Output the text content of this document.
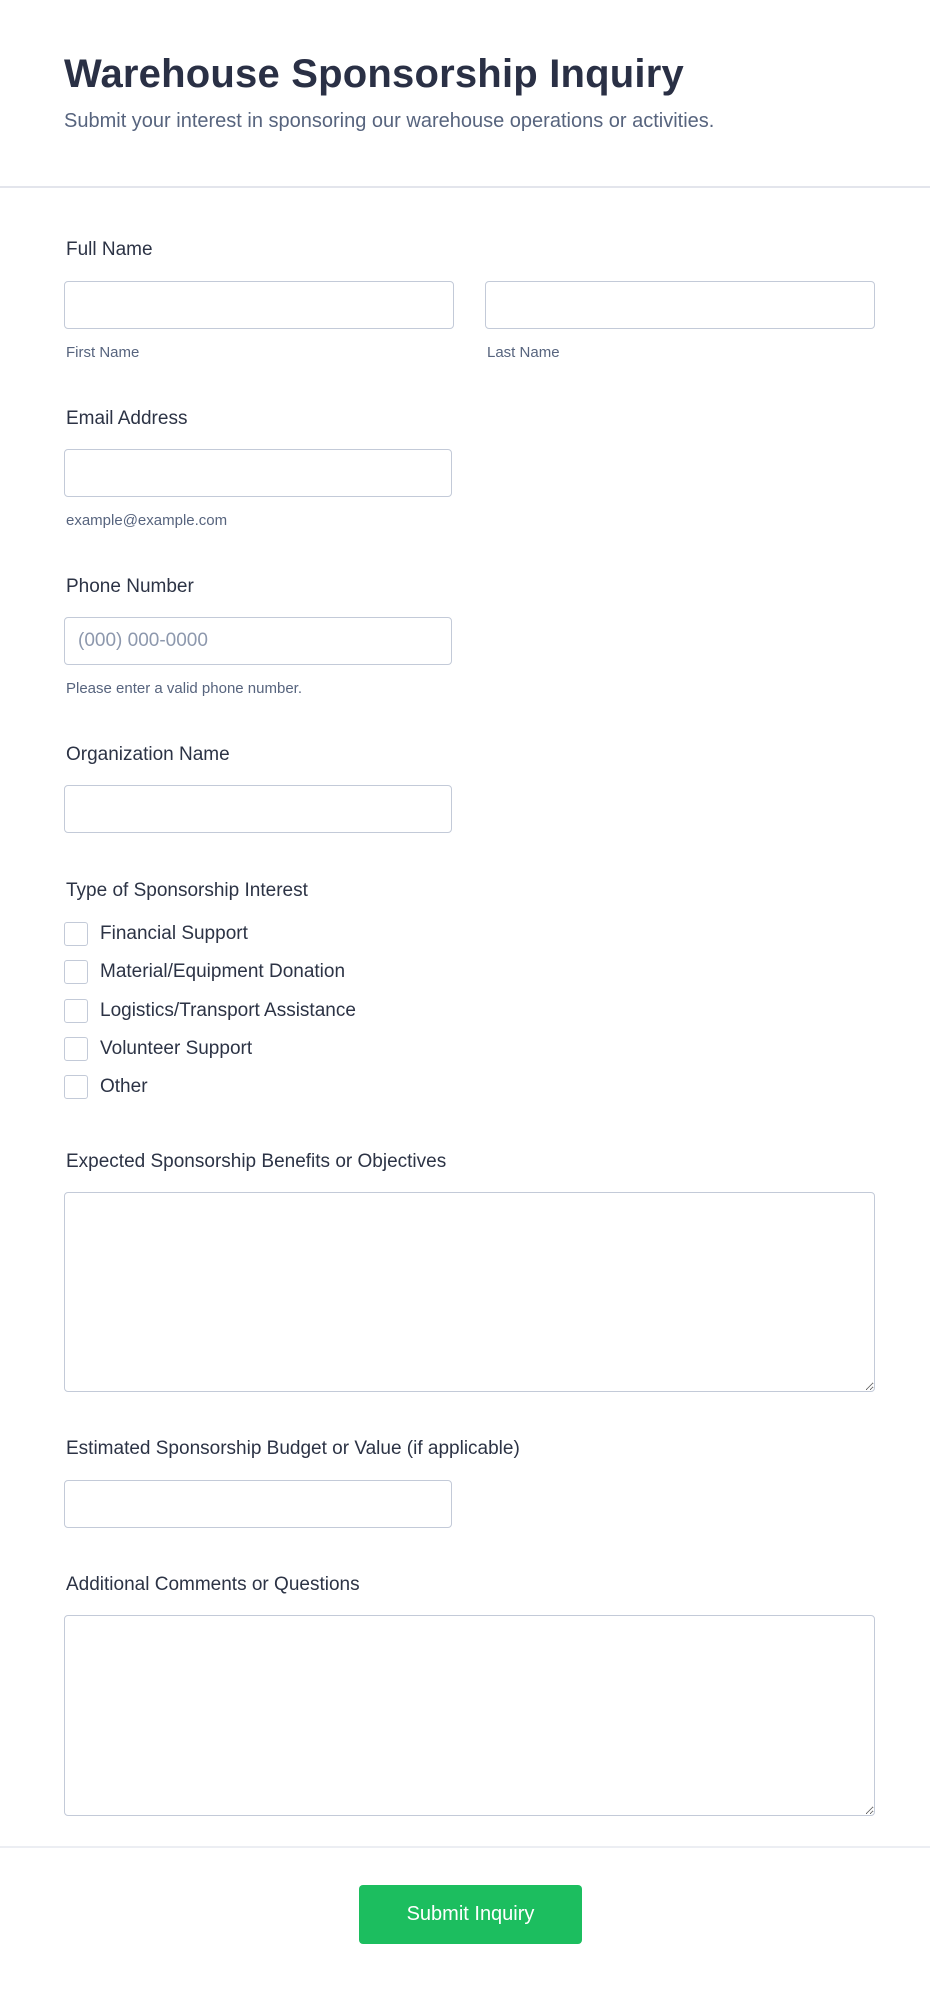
Warehouse Sponsorship Inquiry
Submit your interest in sponsoring our warehouse operations or activities.
Full Name
First Name	Last Name
Email Address
example@example.com
Phone Number
(000) 000-0000
Please enter a valid phone number.
Organization Name
Type of Sponsorship Interest
Financial Support
Material/Equipment Donation
Logistics/Transport Assistance
Volunteer Support
Other
Expected Sponsorship Benefits or Objectives
Estimated Sponsorship Budget or Value (if applicable)
Additional Comments or Questions
Submit Inquiry
